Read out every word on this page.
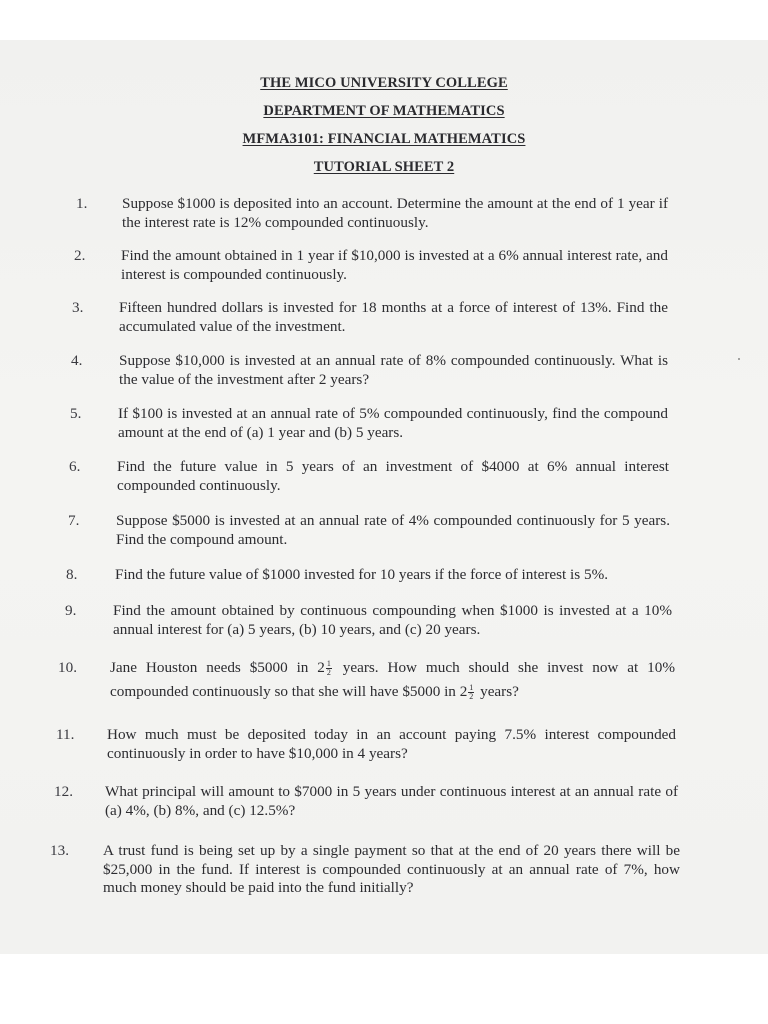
THE MICO UNIVERSITY COLLEGE
DEPARTMENT OF MATHEMATICS
MFMA3101: FINANCIAL MATHEMATICS
TUTORIAL SHEET 2
1.	Suppose $1000 is deposited into an account. Determine the amount at the end of 1 year if the interest rate is 12% compounded continuously.
2.	Find the amount obtained in 1 year if $10,000 is invested at a 6% annual interest rate, and interest is compounded continuously.
3.	Fifteen hundred dollars is invested for 18 months at a force of interest of 13%. Find the accumulated value of the investment.
4.	Suppose $10,000 is invested at an annual rate of 8% compounded continuously. What is the value of the investment after 2 years?
5.	If $100 is invested at an annual rate of 5% compounded continuously, find the compound amount at the end of (a) 1 year and (b) 5 years.
6.	Find the future value in 5 years of an investment of $4000 at 6% annual interest compounded continuously.
7.	Suppose $5000 is invested at an annual rate of 4% compounded continuously for 5 years. Find the compound amount.
8.	Find the future value of $1000 invested for 10 years if the force of interest is 5%.
9.	Find the amount obtained by continuous compounding when $1000 is invested at a 10% annual interest for (a) 5 years, (b) 10 years, and (c) 20 years.
10.	Jane Houston needs $5000 in $2 \frac{1}{2}$ years. How much should she invest now at 10% compounded continuously so that she will have $5000 in $2 \frac{1}{2}$ years?
11.	How much must be deposited today in an account paying 7.5% interest compounded continuously in order to have $10,000 in 4 years?
12.	What principal will amount to $7000 in 5 years under continuous interest at an annual rate of (a) 4%, (b) 8%, and (c) 12.5%?
13.	A trust fund is being set up by a single payment so that at the end of 20 years there will be $25,000 in the fund. If interest is compounded continuously at an annual rate of 7%, how much money should be paid into the fund initially?
